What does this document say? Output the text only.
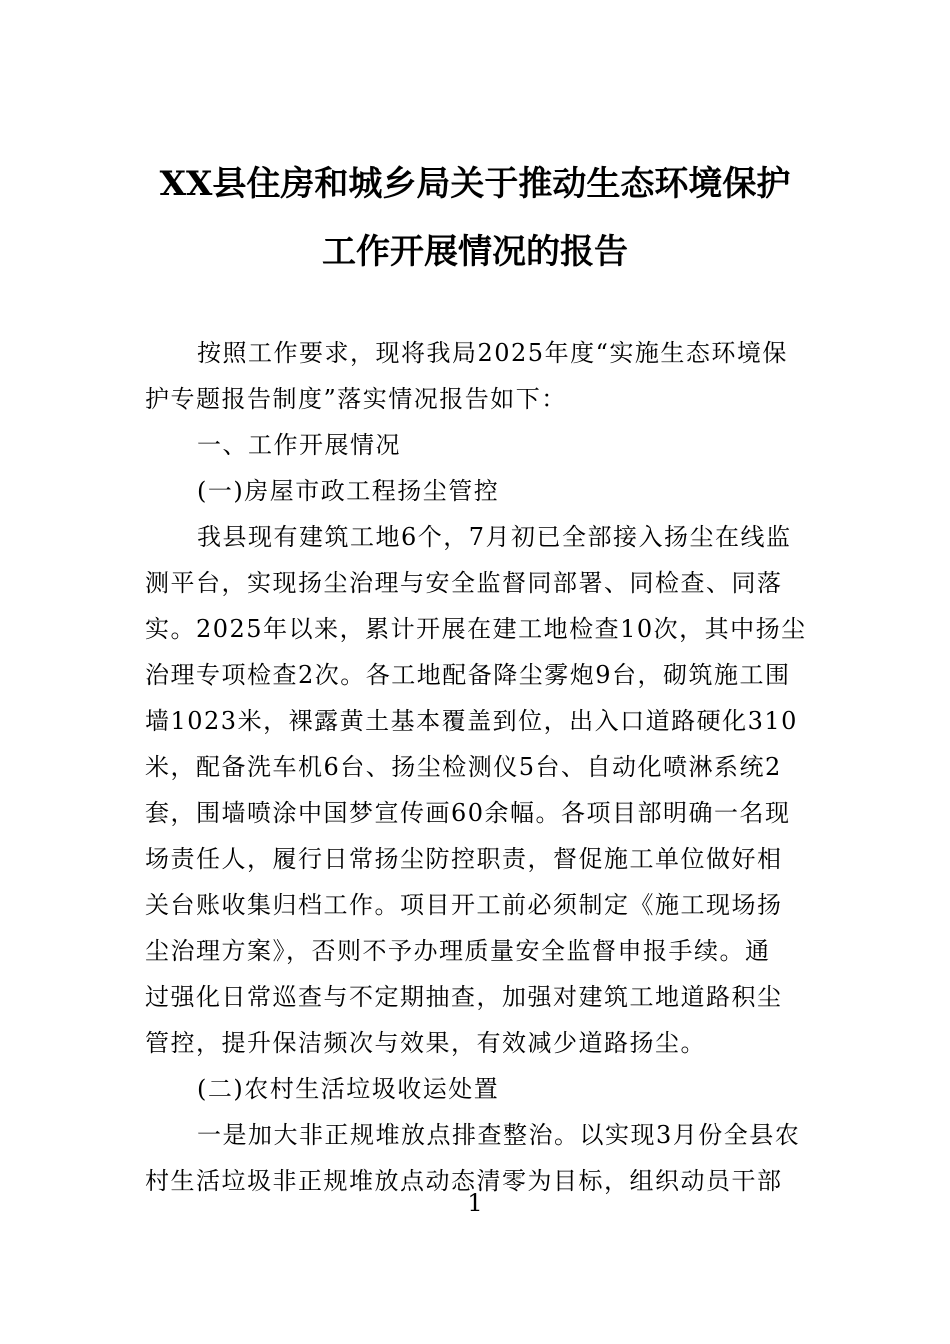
XX县住房和城乡局关于推动生态环境保护
工作开展情况的报告
按照工作要求，现将我局2025年度“实施生态环境保
护专题报告制度”落实情况报告如下：
一、工作开展情况
(一)房屋市政工程扬尘管控
我县现有建筑工地6个，7月初已全部接入扬尘在线监
测平台，实现扬尘治理与安全监督同部署、同检查、同落
实。2025年以来，累计开展在建工地检查10次，其中扬尘
治理专项检查2次。各工地配备降尘雾炮9台，砌筑施工围
墙1023米，裸露黄土基本覆盖到位，出入口道路硬化310
米，配备洗车机6台、扬尘检测仪5台、自动化喷淋系统2
套，围墙喷涂中国梦宣传画60余幅。各项目部明确一名现
场责任人，履行日常扬尘防控职责，督促施工单位做好相
关台账收集归档工作。项目开工前必须制定《施工现场扬
尘治理方案》，否则不予办理质量安全监督申报手续。通
过强化日常巡查与不定期抽查，加强对建筑工地道路积尘
管控，提升保洁频次与效果，有效减少道路扬尘。
(二)农村生活垃圾收运处置
一是加大非正规堆放点排查整治。以实现3月份全县农
村生活垃圾非正规堆放点动态清零为目标，组织动员干部
1
